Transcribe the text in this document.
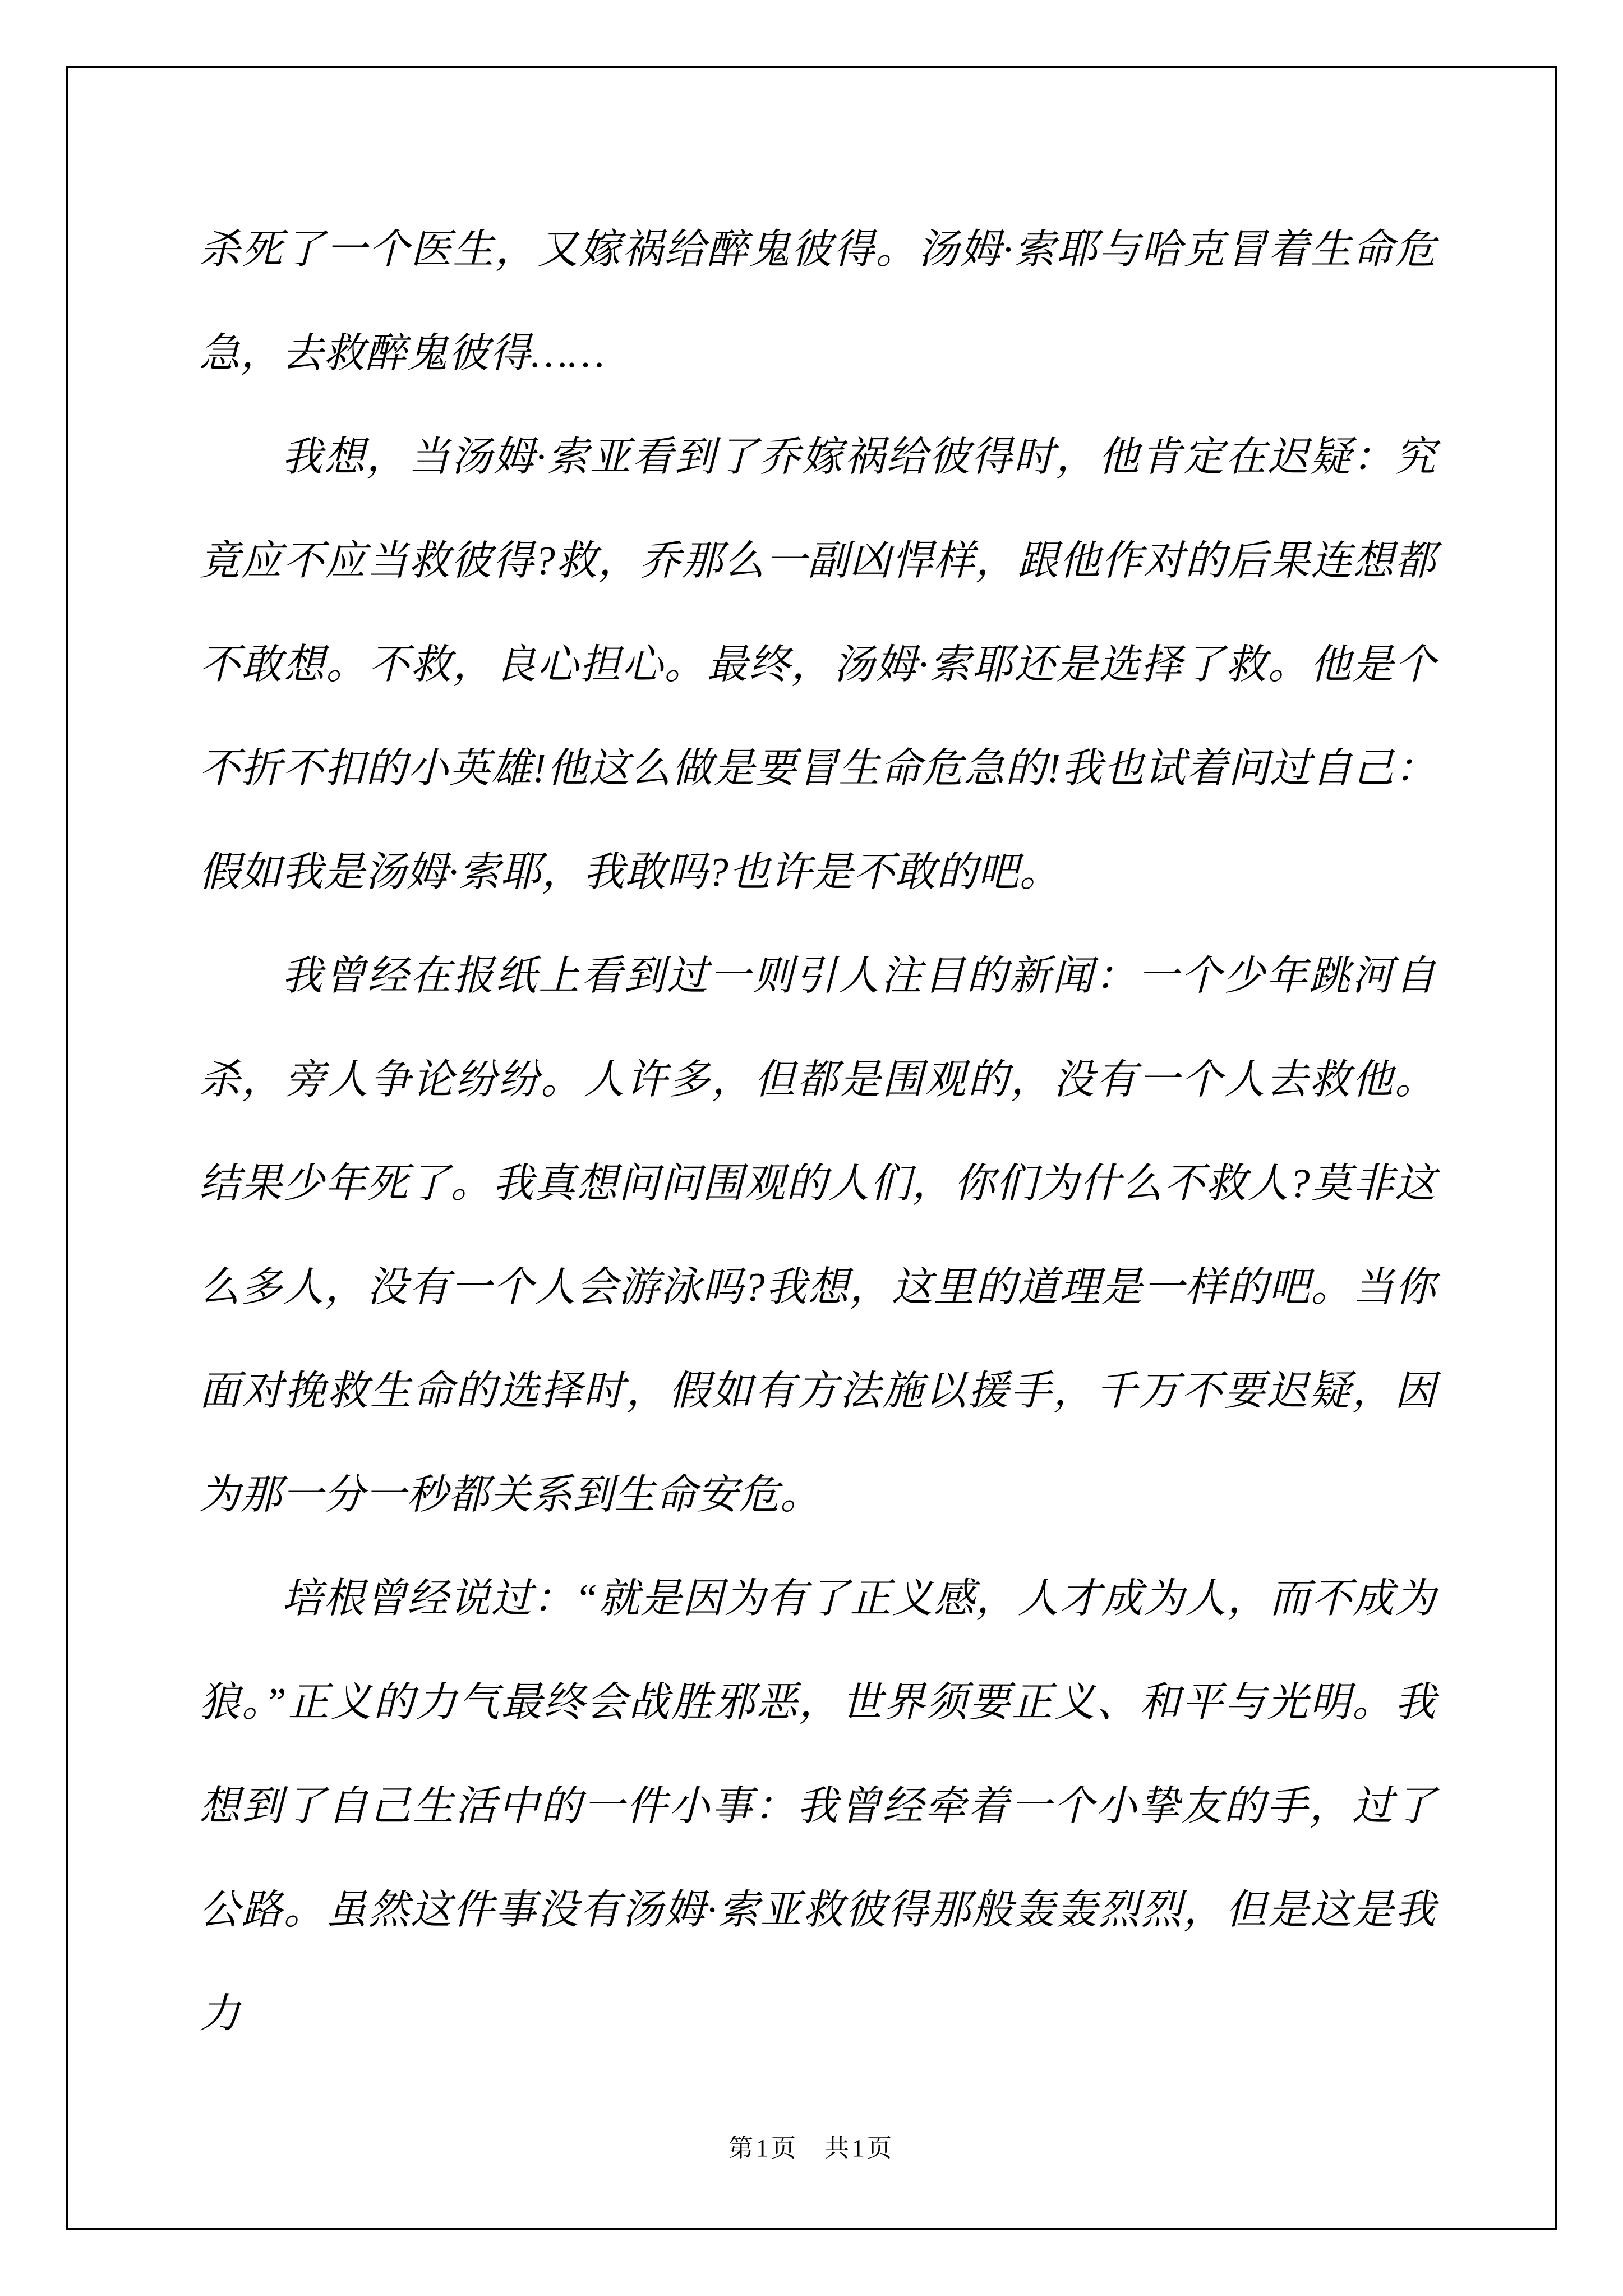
杀死了一个医生，又嫁祸给醉鬼彼得。汤姆·索耶与哈克冒着生命危急，去救醉鬼彼得……

我想，当汤姆·索亚看到了乔嫁祸给彼得时，他肯定在迟疑：究竟应不应当救彼得?救，乔那么一副凶悍样，跟他作对的后果连想都不敢想。不救，良心担心。最终，汤姆·索耶还是选择了救。他是个不折不扣的小英雄!他这么做是要冒生命危急的!我也试着问过自己：假如我是汤姆·索耶，我敢吗?也许是不敢的吧。

我曾经在报纸上看到过一则引人注目的新闻：一个少年跳河自杀，旁人争论纷纷。人许多，但都是围观的，没有一个人去救他。结果少年死了。我真想问问围观的人们，你们为什么不救人?莫非这么多人，没有一个人会游泳吗?我想，这里的道理是一样的吧。当你面对挽救生命的选择时，假如有方法施以援手，千万不要迟疑，因为那一分一秒都关系到生命安危。

培根曾经说过：“就是因为有了正义感，人才成为人，而不成为狼。”正义的力气最终会战胜邪恶，世界须要正义、和平与光明。我想到了自己生活中的一件小事：我曾经牵着一个小挚友的手，过了公路。虽然这件事没有汤姆·索亚救彼得那般轰轰烈烈，但是这是我力

第1页 共1页
